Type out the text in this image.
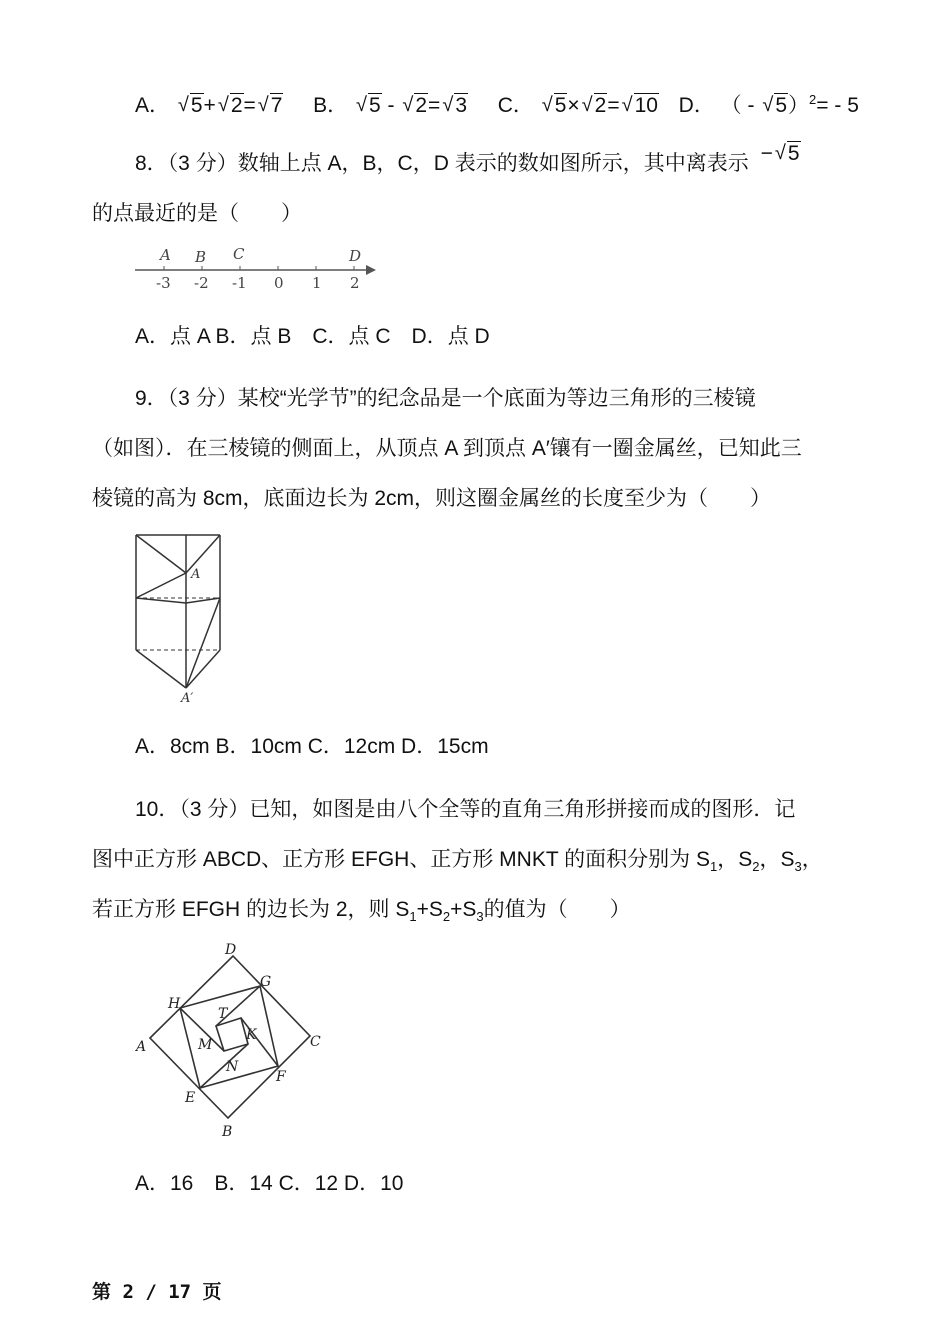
A． √ 5+ √ 2= √ 7 B． √ 5 - √ 2= √ 3 C． √ 5× √ 2= √ 10 D． （ - √ 5）$^2$= - 5
8．（3 分）数轴上点 A，B，C，D 表示的数如图所示，其中离表示 − √ 5
的点最近的是（　　）
A B C	D
-3 -2 -1 0 1 2
A．点 A B．点 B　C．点 C　D．点 D
9．（3 分）某校“光学节”的纪念品是一个底面为等边三角形的三棱镜
（如图）．在三棱镜的侧面上，从顶点 A 到顶点 A′镶有一圈金属丝，已知此三
棱镜的高为 8cm，底面边长为 2cm，则这圈金属丝的长度至少为（　　）
A
A′
A．8cm B．10cm C．12cm D．15cm
10．（3 分）已知，如图是由八个全等的直角三角形拼接而成的图形．记
图中正方形 ABCD、正方形 EFGH、正方形 MNKT 的面积分别为 $S_1$，$S_2$，$S_3$，
若正方形 EFGH 的边长为 2，则 $S_1+S_2+S_3$的值为（　　）
A
B
C
D
E
F
G
H
M
N
K
T
A．16　B．14 C．12 D．10
第 2 / 17 页
